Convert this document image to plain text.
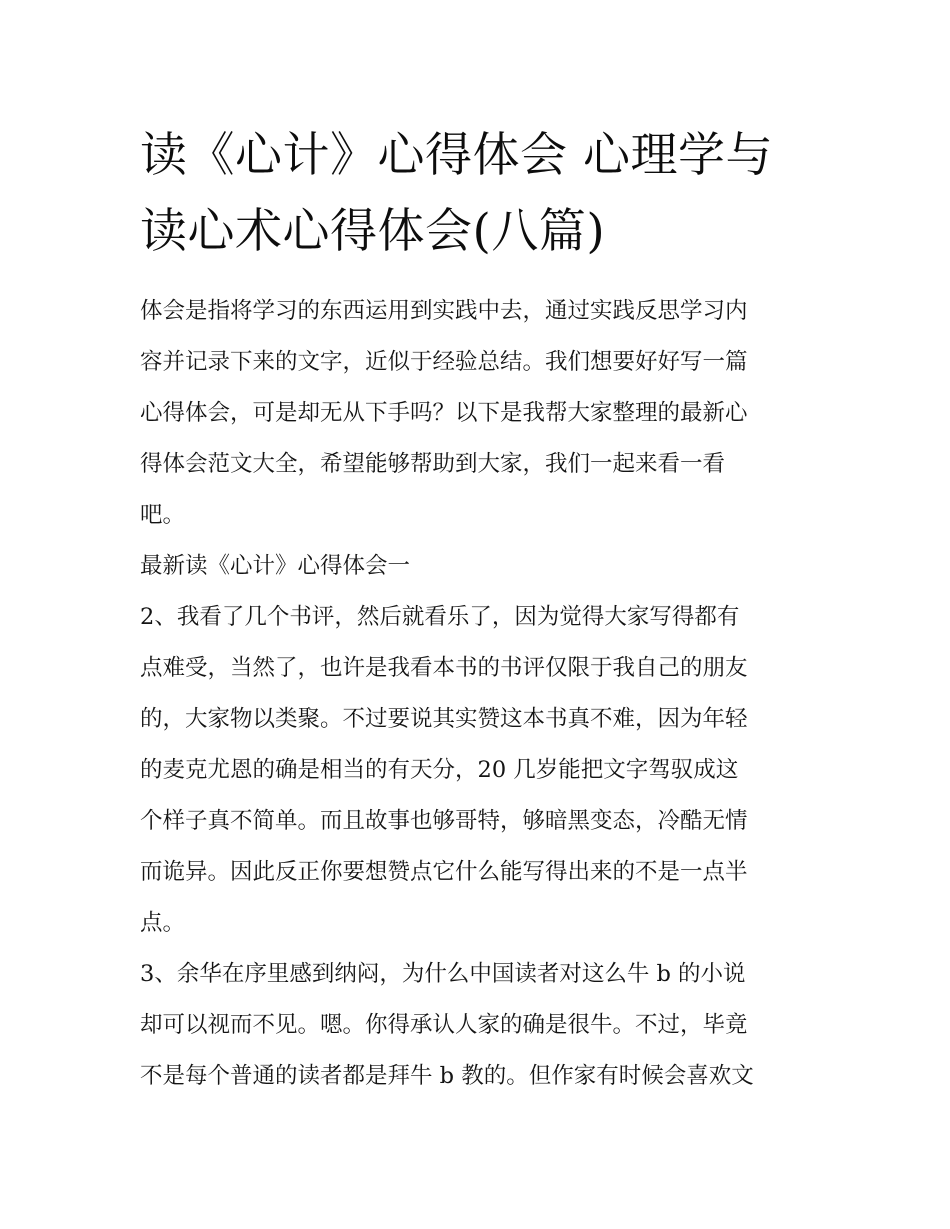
读《心计》心得体会 心理学与
读心术心得体会(八篇)

体会是指将学习的东西运用到实践中去，通过实践反思学习内
容并记录下来的文字，近似于经验总结。我们想要好好写一篇
心得体会，可是却无从下手吗？以下是我帮大家整理的最新心
得体会范文大全，希望能够帮助到大家，我们一起来看一看
吧。

最新读《心计》心得体会一

2、我看了几个书评，然后就看乐了，因为觉得大家写得都有
点难受，当然了，也许是我看本书的书评仅限于我自己的朋友
的，大家物以类聚。不过要说其实赞这本书真不难，因为年轻
的麦克尤恩的确是相当的有天分，20 几岁能把文字驾驭成这
个样子真不简单。而且故事也够哥特，够暗黑变态，冷酷无情
而诡异。因此反正你要想赞点它什么能写得出来的不是一点半
点。

3、余华在序里感到纳闷，为什么中国读者对这么牛 b 的小说
却可以视而不见。嗯。你得承认人家的确是很牛。不过，毕竟
不是每个普通的读者都是拜牛 b 教的。但作家有时候会喜欢文
